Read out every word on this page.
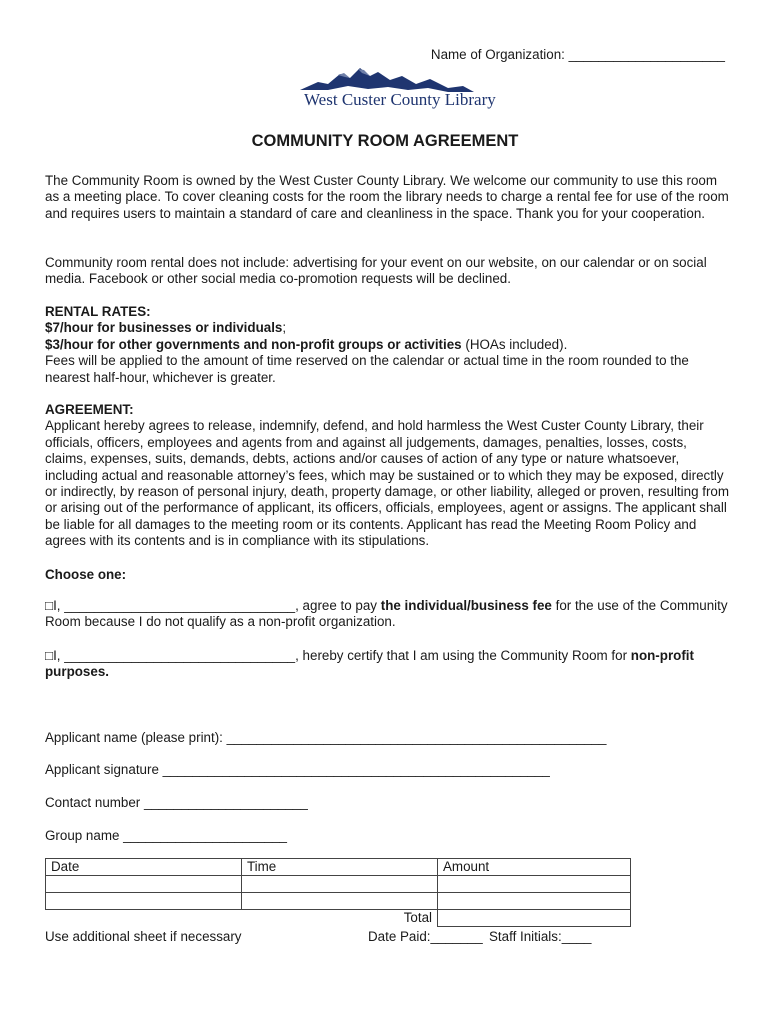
Name of Organization: _____________________
West Custer County Library
COMMUNITY ROOM AGREEMENT
The Community Room is owned by the West Custer County Library. We welcome our community to use this room as a meeting place. To cover cleaning costs for the room the library needs to charge a rental fee for use of the room and requires users to maintain a standard of care and cleanliness in the space. Thank you for your cooperation.
Community room rental does not include: advertising for your event on our website, on our calendar or on social media. Facebook or other social media co-promotion requests will be declined.
RENTAL RATES:
$7/hour for businesses or individuals;
$3/hour for other governments and non-profit groups or activities (HOAs included).
Fees will be applied to the amount of time reserved on the calendar or actual time in the room rounded to the nearest half-hour, whichever is greater.
AGREEMENT:
Applicant hereby agrees to release, indemnify, defend, and hold harmless the West Custer County Library, their officials, officers, employees and agents from and against all judgements, damages, penalties, losses, costs, claims, expenses, suits, demands, debts, actions and/or causes of action of any type or nature whatsoever, including actual and reasonable attorney’s fees, which may be sustained or to which they may be exposed, directly or indirectly, by reason of personal injury, death, property damage, or other liability, alleged or proven, resulting from or arising out of the performance of applicant, its officers, officials, employees, agent or assigns. The applicant shall be liable for all damages to the meeting room or its contents. Applicant has read the Meeting Room Policy and agrees with its contents and is in compliance with its stipulations.
Choose one:
□I, _______________________________, agree to pay the individual/business fee for the use of the Community Room because I do not qualify as a non-profit organization.
□I, _______________________________, hereby certify that I am using the Community Room for non-profit purposes.
Applicant name (please print): ___________________________________________________
Applicant signature ____________________________________________________
Contact number ______________________
Group name ______________________
Date	Time	Amount

	Total	
Use additional sheet if necessary	Date Paid:_______ Staff Initials:____
